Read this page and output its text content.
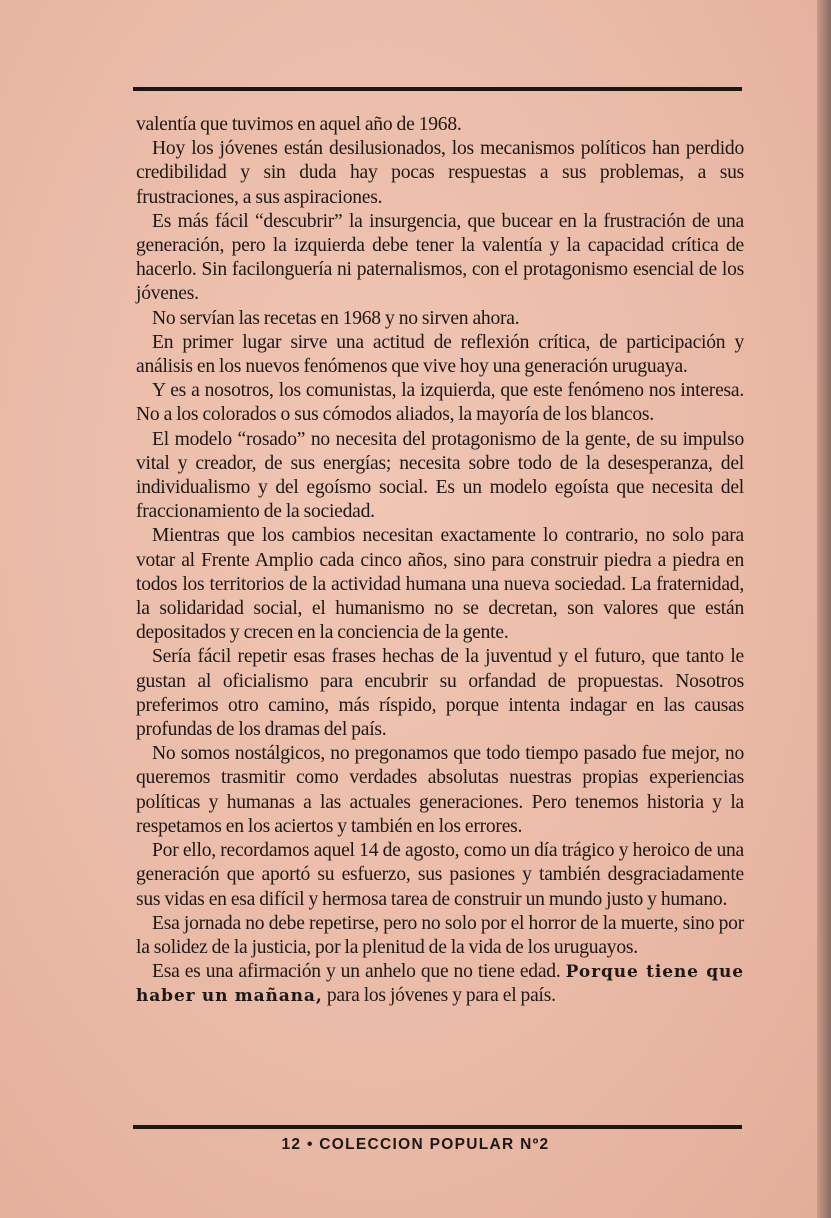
valentía que tuvimos en aquel año de 1968.

Hoy los jóvenes están desilusionados, los mecanismos políticos han perdido credibilidad y sin duda hay pocas respuestas a sus problemas, a sus frustraciones, a sus aspiraciones.

Es más fácil “descubrir” la insurgencia, que bucear en la frustración de una generación, pero la izquierda debe tener la valentía y la capacidad crítica de hacerlo. Sin facilonguería ni paternalismos, con el protagonismo esencial de los jóvenes.

No servían las recetas en 1968 y no sirven ahora.

En primer lugar sirve una actitud de reflexión crítica, de participación y análisis en los nuevos fenómenos que vive hoy una generación uruguaya.

Y es a nosotros, los comunistas, la izquierda, que este fenómeno nos interesa. No a los colorados o sus cómodos aliados, la mayoría de los blancos.

El modelo “rosado” no necesita del protagonismo de la gente, de su impulso vital y creador, de sus energías; necesita sobre todo de la desesperanza, del individualismo y del egoísmo social. Es un modelo egoísta que necesita del fraccionamiento de la sociedad.

Mientras que los cambios necesitan exactamente lo contrario, no solo para votar al Frente Amplio cada cinco años, sino para construir piedra a piedra en todos los territorios de la actividad humana una nueva sociedad. La fraternidad, la solidaridad social, el humanismo no se decretan, son valores que están depositados y crecen en la conciencia de la gente.

Sería fácil repetir esas frases hechas de la juventud y el futuro, que tanto le gustan al oficialismo para encubrir su orfandad de propuestas. Nosotros preferimos otro camino, más ríspido, porque intenta indagar en las causas profundas de los dramas del país.

No somos nostálgicos, no pregonamos que todo tiempo pasado fue mejor, no queremos trasmitir como verdades absolutas nuestras propias experiencias políticas y humanas a las actuales generaciones. Pero tenemos historia y la respetamos en los aciertos y también en los errores.

Por ello, recordamos aquel 14 de agosto, como un día trágico y heroico de una generación que aportó su esfuerzo, sus pasiones y también desgraciadamente sus vidas en esa difícil y hermosa tarea de construir un mundo justo y humano.

Esa jornada no debe repetirse, pero no solo por el horror de la muerte, sino por la solidez de la justicia, por la plenitud de la vida de los uruguayos.

Esa es una afirmación y un anhelo que no tiene edad. Porque tiene que haber un mañana, para los jóvenes y para el país.

12 • COLECCION POPULAR Nº2
